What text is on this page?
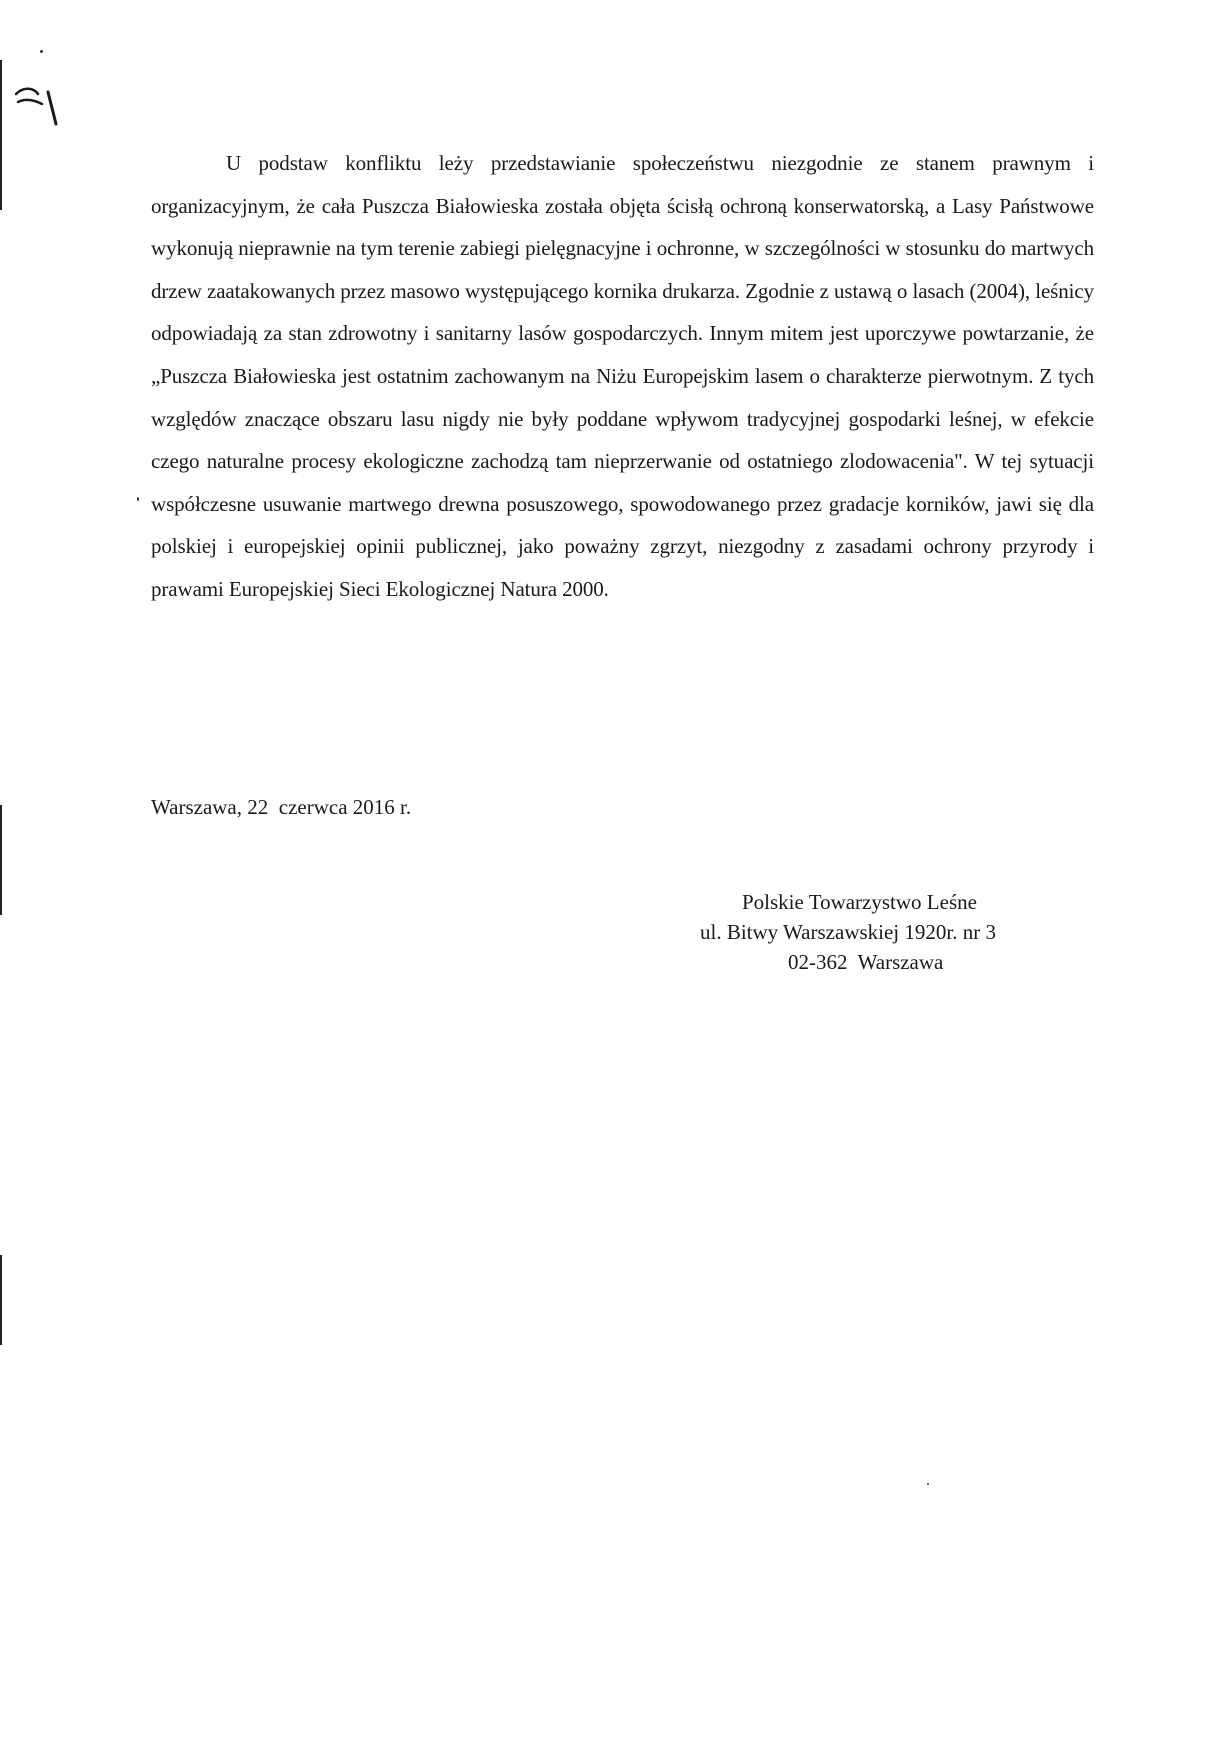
U podstaw konfliktu leży przedstawianie społeczeństwu niezgodnie ze stanem prawnym i organizacyjnym, że cała Puszcza Białowieska została objęta ścisłą ochroną konserwatorską, a Lasy Państwowe wykonują nieprawnie na tym terenie zabiegi pielęgnacyjne i ochronne, w szczególności w stosunku do martwych drzew zaatakowanych przez masowo występującego kornika drukarza. Zgodnie z ustawą o lasach (2004), leśnicy odpowiadają za stan zdrowotny i sanitarny lasów gospodarczych. Innym mitem jest uporczywe powtarzanie, że „Puszcza Białowieska jest ostatnim zachowanym na Niżu Europejskim lasem o charakterze pierwotnym. Z tych względów znaczące obszaru lasu nigdy nie były poddane wpływom tradycyjnej gospodarki leśnej, w efekcie czego naturalne procesy ekologiczne zachodzą tam nieprzerwanie od ostatniego zlodowacenia". W tej sytuacji współczesne usuwanie martwego drewna posuszowego, spowodowanego przez gradacje korników, jawi się dla polskiej i europejskiej opinii publicznej, jako poważny zgrzyt, niezgodny z zasadami ochrony przyrody i prawami Europejskiej Sieci Ekologicznej Natura 2000.

Warszawa, 22  czerwca 2016 r.

Polskie Towarzystwo Leśne
ul. Bitwy Warszawskiej 1920r. nr 3
02-362  Warszawa
